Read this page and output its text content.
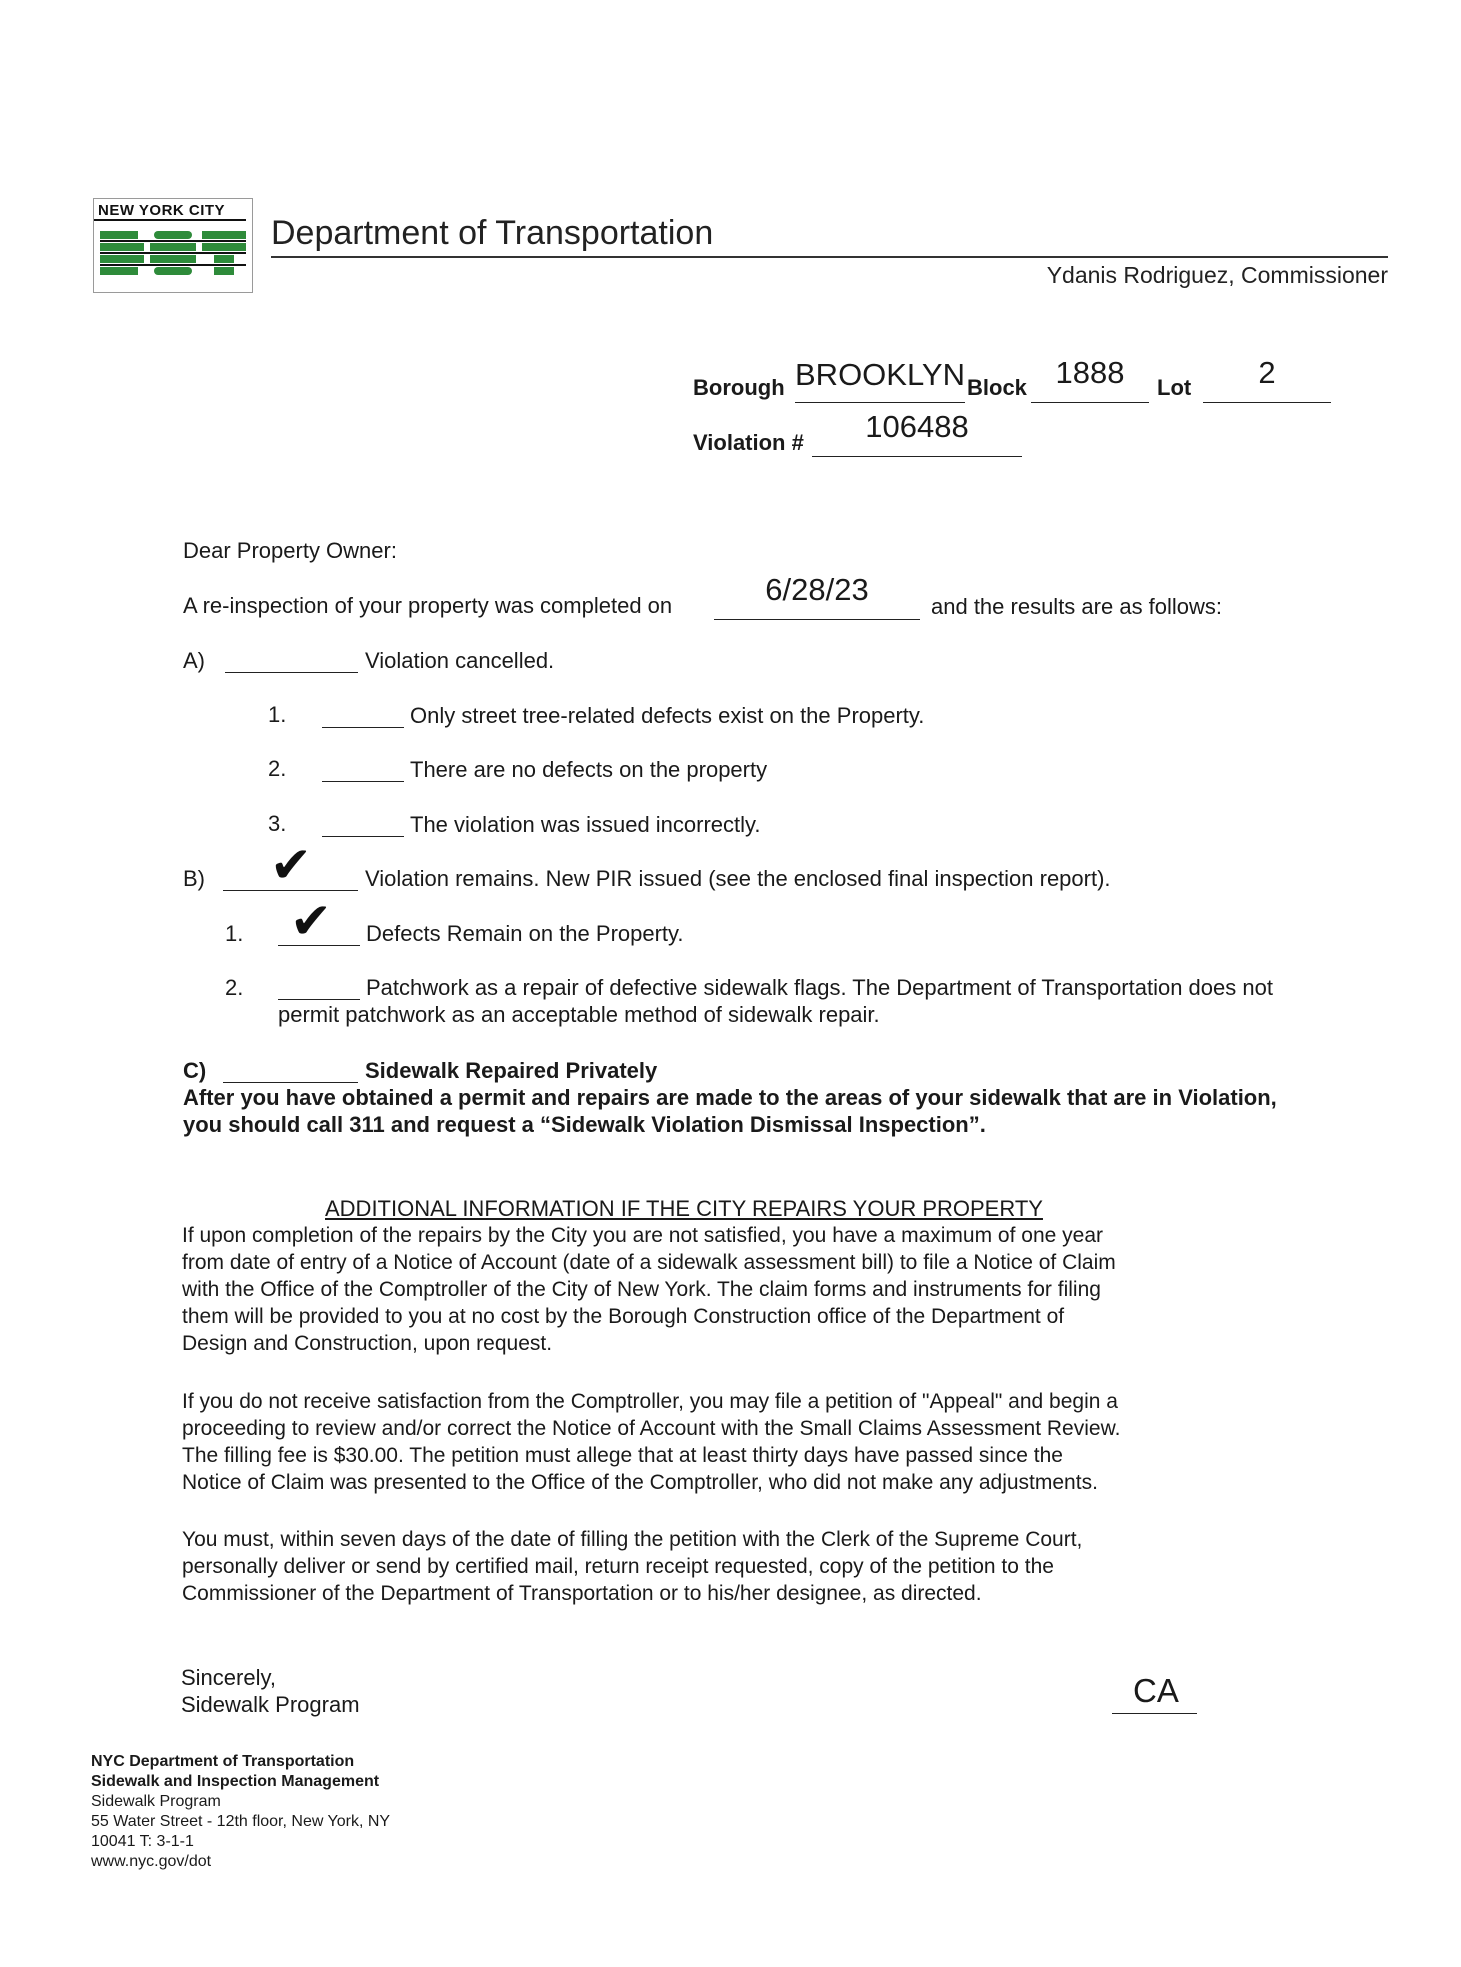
NEW YORK CITY
Department of Transportation
Ydanis Rodriguez, Commissioner
Borough BROOKLYN Block 1888	Lot	2
Violation #	106488
Dear Property Owner:
A re-inspection of your property was completed on	6/28/23	and the results are as follows:
A)	Violation cancelled.
1.	Only street tree-related defects exist on the Property.
2.	There are no defects on the property
3.	The violation was issued incorrectly.
B) ✔ Violation remains. New PIR issued (see the enclosed final inspection report).
1. ✔ Defects Remain on the Property.
2.	Patchwork as a repair of defective sidewalk flags. The Department of Transportation does not
permit patchwork as an acceptable method of sidewalk repair.
C)	Sidewalk Repaired Privately
After you have obtained a permit and repairs are made to the areas of your sidewalk that are in Violation,
you should call 311 and request a “Sidewalk Violation Dismissal Inspection”.
ADDITIONAL INFORMATION IF THE CITY REPAIRS YOUR PROPERTY
If upon completion of the repairs by the City you are not satisfied, you have a maximum of one year
from date of entry of a Notice of Account (date of a sidewalk assessment bill) to file a Notice of Claim
with the Office of the Comptroller of the City of New York. The claim forms and instruments for filing
them will be provided to you at no cost by the Borough Construction office of the Department of
Design and Construction, upon request.
If you do not receive satisfaction from the Comptroller, you may file a petition of "Appeal" and begin a
proceeding to review and/or correct the Notice of Account with the Small Claims Assessment Review.
The filling fee is $30.00. The petition must allege that at least thirty days have passed since the
Notice of Claim was presented to the Office of the Comptroller, who did not make any adjustments.
You must, within seven days of the date of filling the petition with the Clerk of the Supreme Court,
personally deliver or send by certified mail, return receipt requested, copy of the petition to the
Commissioner of the Department of Transportation or to his/her designee, as directed.
Sincerely,
Sidewalk Program	CA
NYC Department of Transportation
Sidewalk and Inspection Management
Sidewalk Program
55 Water Street - 12th floor, New York, NY
10041 T: 3-1-1
www.nyc.gov/dot
